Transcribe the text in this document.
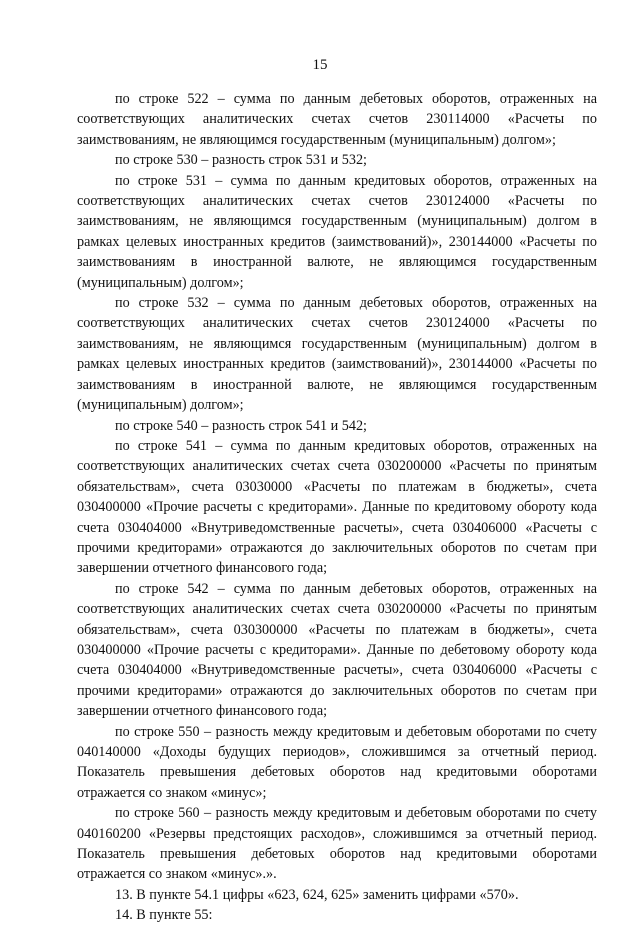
15

по строке 522 – сумма по данным дебетовых оборотов, отраженных на соответствующих аналитических счетах счетов 230114000 «Расчеты по заимствованиям, не являющимся государственным (муниципальным) долгом»;

по строке 530 – разность строк 531 и 532;

по строке 531 – сумма по данным кредитовых оборотов, отраженных на соответствующих аналитических счетах счетов 230124000 «Расчеты по заимствованиям, не являющимся государственным (муниципальным) долгом в рамках целевых иностранных кредитов (заимствований)», 230144000 «Расчеты по заимствованиям в иностранной валюте, не являющимся государственным (муниципальным) долгом»;

по строке 532 – сумма по данным дебетовых оборотов, отраженных на соответствующих аналитических счетах счетов 230124000 «Расчеты по заимствованиям, не являющимся государственным (муниципальным) долгом в рамках целевых иностранных кредитов (заимствований)», 230144000 «Расчеты по заимствованиям в иностранной валюте, не являющимся государственным (муниципальным) долгом»;

по строке 540 – разность строк 541 и 542;

по строке 541 – сумма по данным кредитовых оборотов, отраженных на соответствующих аналитических счетах счета 030200000 «Расчеты по принятым обязательствам», счета 03030000 «Расчеты по платежам в бюджеты», счета 030400000 «Прочие расчеты с кредиторами». Данные по кредитовому обороту кода счета 030404000 «Внутриведомственные расчеты», счета 030406000 «Расчеты с прочими кредиторами» отражаются до заключительных оборотов по счетам при завершении отчетного финансового года;

по строке 542 – сумма по данным дебетовых оборотов, отраженных на соответствующих аналитических счетах счета 030200000 «Расчеты по принятым обязательствам», счета 030300000 «Расчеты по платежам в бюджеты», счета 030400000 «Прочие расчеты с кредиторами». Данные по дебетовому обороту кода счета 030404000 «Внутриведомственные расчеты», счета 030406000 «Расчеты с прочими кредиторами» отражаются до заключительных оборотов по счетам при завершении отчетного финансового года;

по строке 550 – разность между кредитовым и дебетовым оборотами по счету 040140000 «Доходы будущих периодов», сложившимся за отчетный период. Показатель превышения дебетовых оборотов над кредитовыми оборотами отражается со знаком «минус»;

по строке 560 – разность между кредитовым и дебетовым оборотами по счету 040160200 «Резервы предстоящих расходов», сложившимся за отчетный период. Показатель превышения дебетовых оборотов над кредитовыми оборотами отражается со знаком «минус».».

13. В пункте 54.1 цифры «623, 624, 625» заменить цифрами «570».

14. В пункте 55:
